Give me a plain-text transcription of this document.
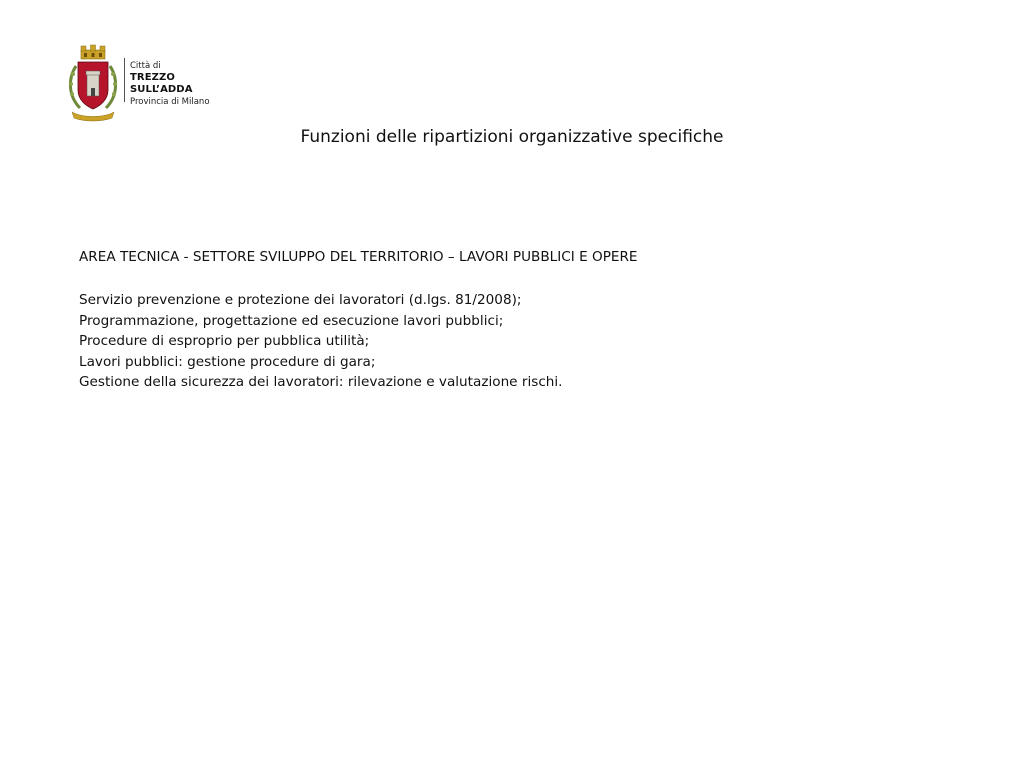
Città di
TREZZO SULL’ADDA
Provincia di Milano
Funzioni delle ripartizioni organizzative specifiche
AREA TECNICA - SETTORE SVILUPPO DEL TERRITORIO – LAVORI PUBBLICI E OPERE
Servizio prevenzione e protezione dei lavoratori (d.lgs. 81/2008);
Programmazione, progettazione ed esecuzione lavori pubblici;
Procedure di esproprio per pubblica utilità;
Lavori pubblici: gestione procedure di gara;
Gestione della sicurezza dei lavoratori: rilevazione e valutazione rischi.
